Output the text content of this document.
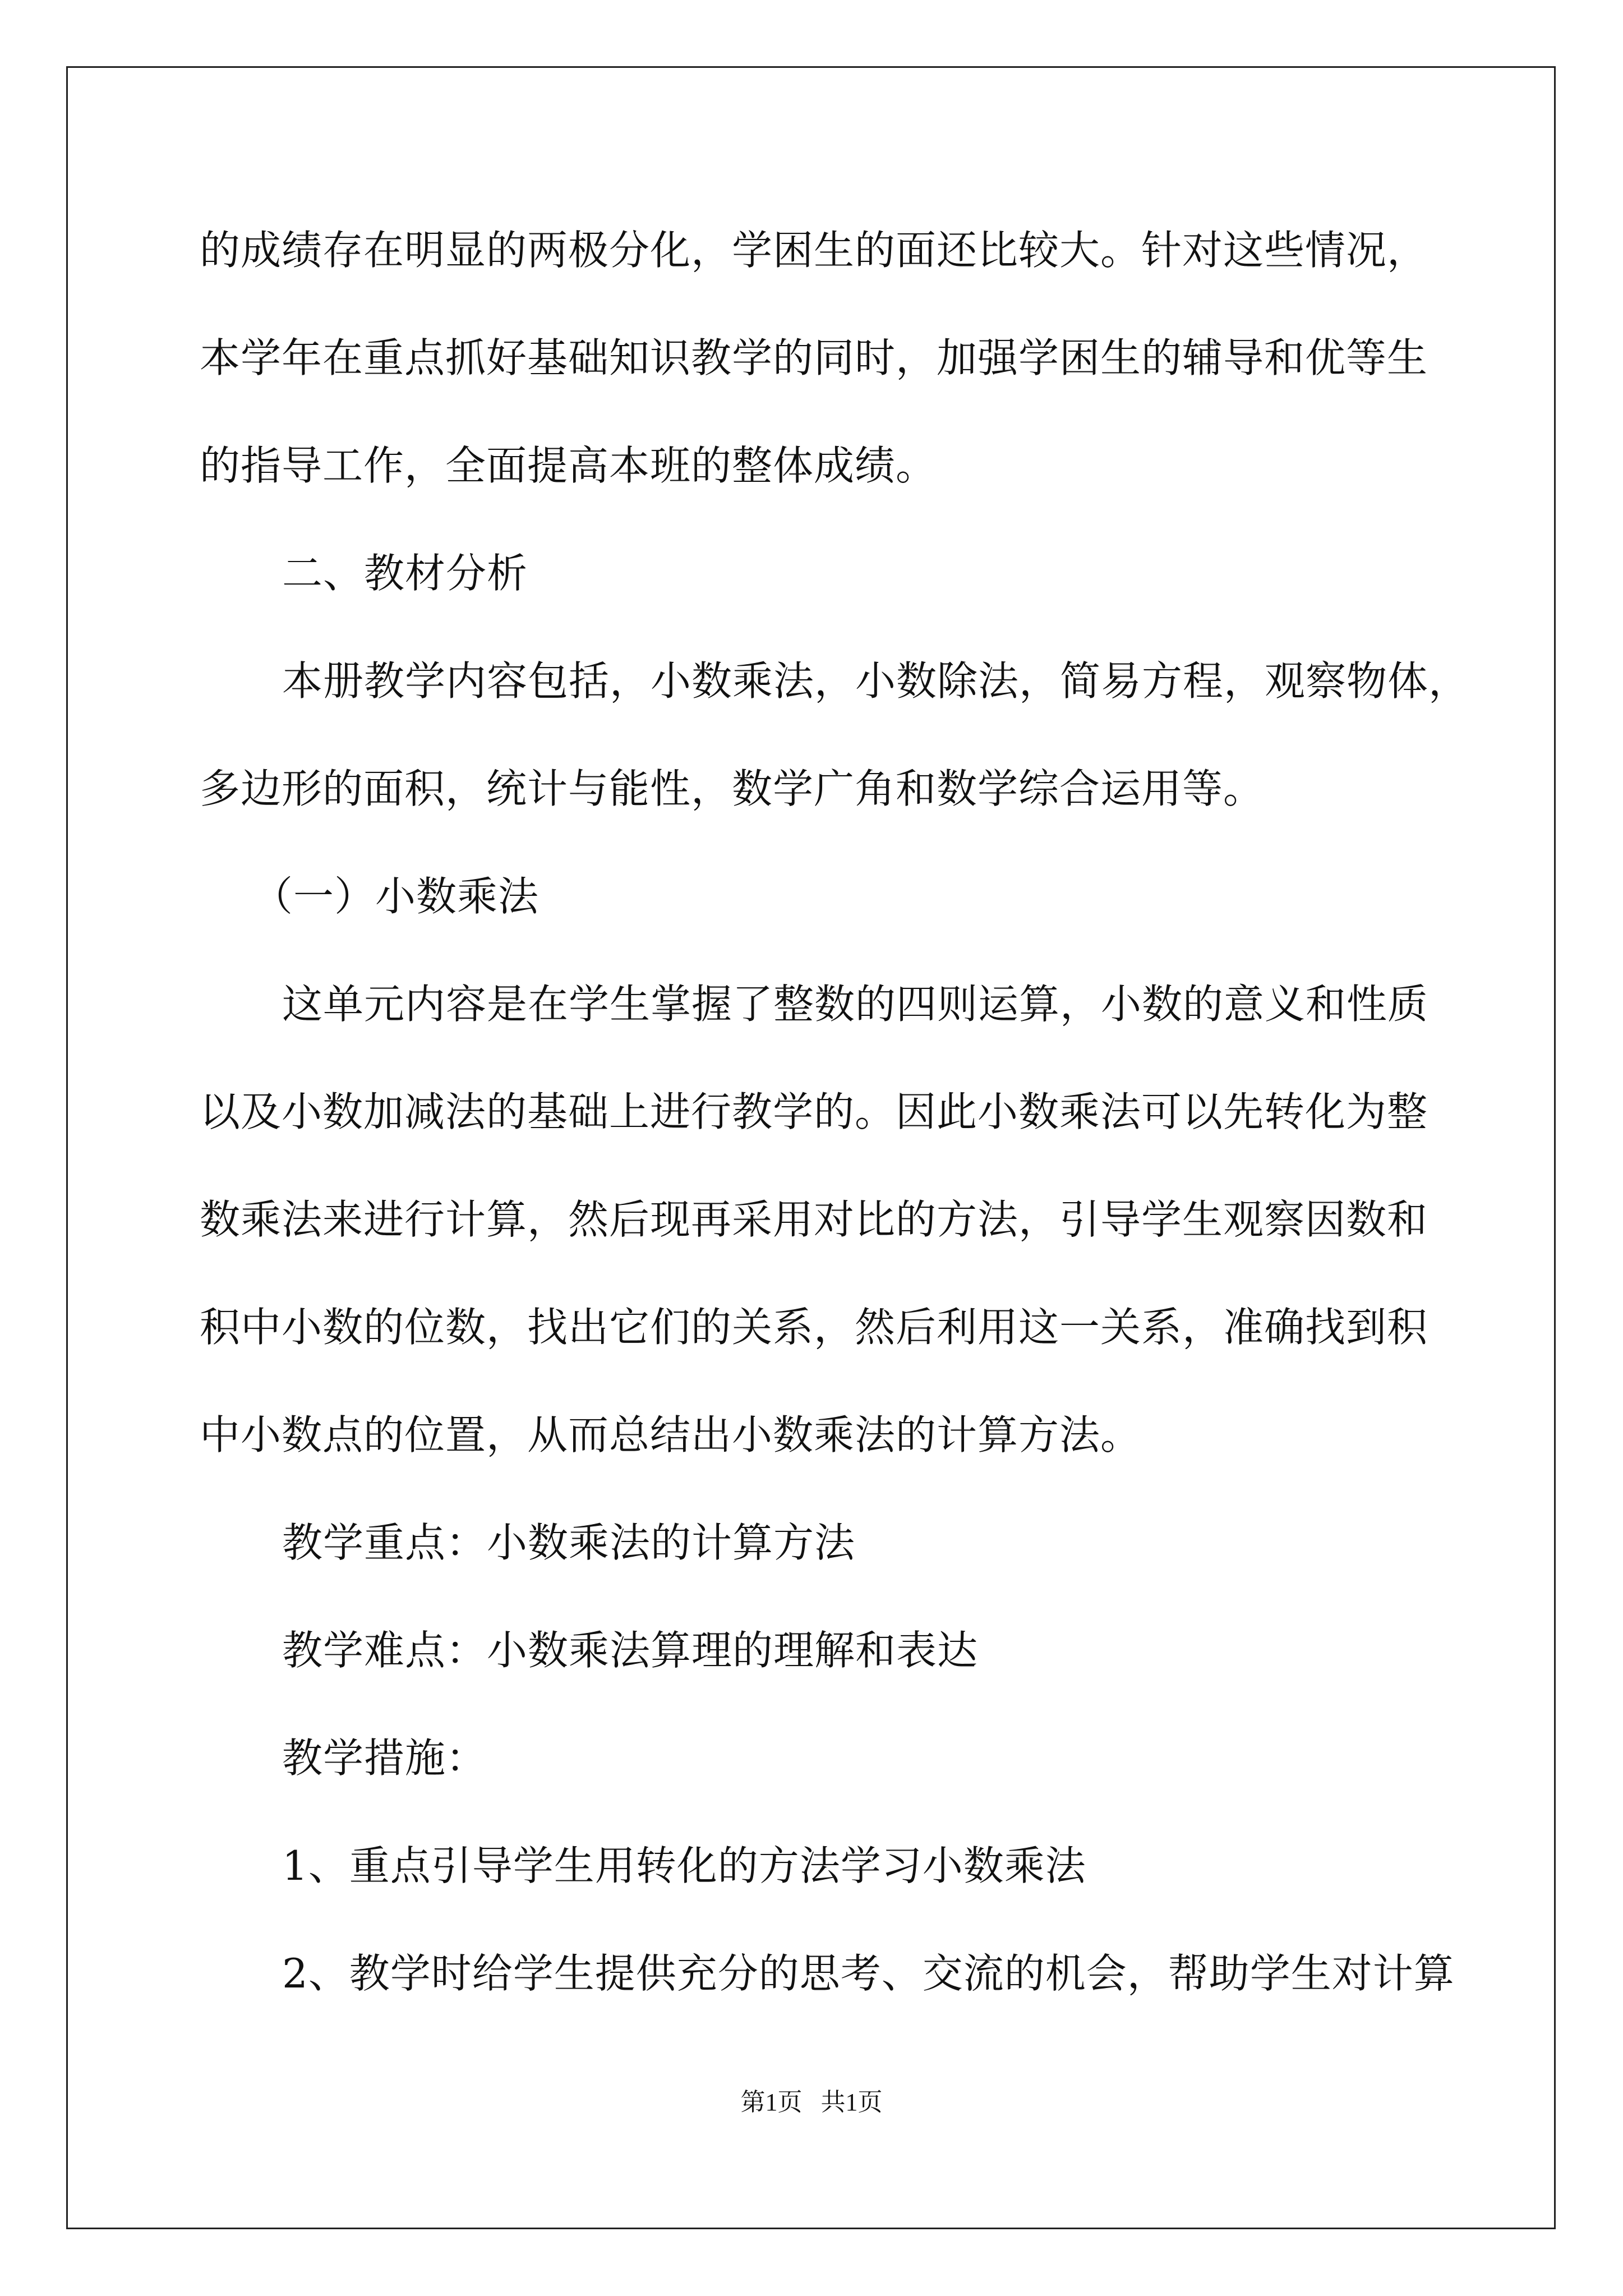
的成绩存在明显的两极分化，学困生的面还比较大。针对这些情况，
本学年在重点抓好基础知识教学的同时，加强学困生的辅导和优等生
的指导工作，全面提高本班的整体成绩。
二、教材分析
本册教学内容包括，小数乘法，小数除法，简易方程，观察物体，
多边形的面积，统计与能性，数学广角和数学综合运用等。
（一）小数乘法
这单元内容是在学生掌握了整数的四则运算，小数的意义和性质
以及小数加减法的基础上进行教学的。因此小数乘法可以先转化为整
数乘法来进行计算，然后现再采用对比的方法，引导学生观察因数和
积中小数的位数，找出它们的关系，然后利用这一关系，准确找到积
中小数点的位置，从而总结出小数乘法的计算方法。
教学重点：小数乘法的计算方法
教学难点：小数乘法算理的理解和表达
教学措施：
1、重点引导学生用转化的方法学习小数乘法
2、教学时给学生提供充分的思考、交流的机会，帮助学生对计算
第1页   共1页
